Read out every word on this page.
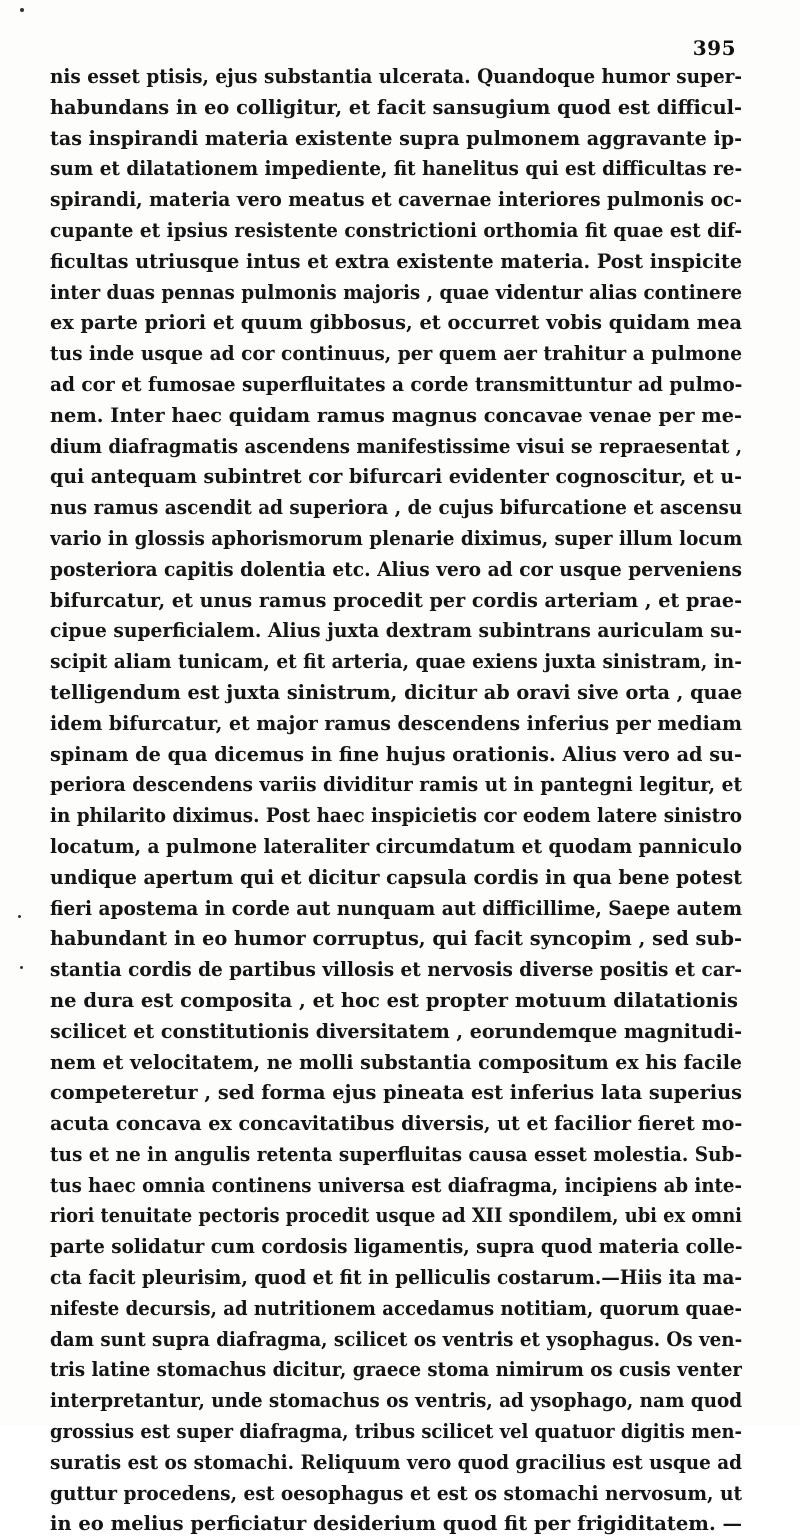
395
nis esset ptisis, ejus substantia ulcerata. Quandoque humor super-
habundans in eo colligitur, et facit sansugium quod est difficul-
tas inspirandi materia existente supra pulmonem aggravante ip-
sum et dilatationem impediente, fit hanelitus qui est difficultas re-
spirandi, materia vero meatus et cavernae interiores pulmonis oc-
cupante et ipsius resistente constrictioni orthomia fit quae est dif-
ficultas utriusque intus et extra existente materia. Post inspicite
inter duas pennas pulmonis majoris , quae videntur alias continere
ex parte priori et quum gibbosus, et occurret vobis quidam mea
tus inde usque ad cor continuus, per quem aer trahitur a pulmone
ad cor et fumosae superfluitates a corde transmittuntur ad pulmo-
nem. Inter haec quidam ramus magnus concavae venae per me-
dium diafragmatis ascendens manifestissime visui se repraesentat ,
qui antequam subintret cor bifurcari evidenter cognoscitur, et u-
nus ramus ascendit ad superiora , de cujus bifurcatione et ascensu
vario in glossis aphorismorum plenarie diximus, super illum locum
posteriora capitis dolentia etc. Alius vero ad cor usque perveniens
bifurcatur, et unus ramus procedit per cordis arteriam , et prae-
cipue superficialem. Alius juxta dextram subintrans auriculam su-
scipit aliam tunicam, et fit arteria, quae exiens juxta sinistram, in-
telligendum est juxta sinistrum, dicitur ab oravi sive orta , quae
idem bifurcatur, et major ramus descendens inferius per mediam
spinam de qua dicemus in fine hujus orationis. Alius vero ad su-
periora descendens variis dividitur ramis ut in pantegni legitur, et
in philarito diximus. Post haec inspicietis cor eodem latere sinistro
locatum, a pulmone lateraliter circumdatum et quodam panniculo
undique apertum qui et dicitur capsula cordis in qua bene potest
fieri apostema in corde aut nunquam aut difficillime, Saepe autem
habundant in eo humor corruptus, qui facit syncopim , sed sub-
stantia cordis de partibus villosis et nervosis diverse positis et car-
ne dura est composita , et hoc est propter motuum dilatationis
scilicet et constitutionis diversitatem , eorundemque magnitudi-
nem et velocitatem, ne molli substantia compositum ex his facile
competeretur , sed forma ejus pineata est inferius lata superius
acuta concava ex concavitatibus diversis, ut et facilior fieret mo-
tus et ne in angulis retenta superfluitas causa esset molestia. Sub-
tus haec omnia continens universa est diafragma, incipiens ab inte-
riori tenuitate pectoris procedit usque ad XII spondilem, ubi ex omni
parte solidatur cum cordosis ligamentis, supra quod materia colle-
cta facit pleurisim, quod et fit in pelliculis costarum.—Hiis ita ma-
nifeste decursis, ad nutritionem accedamus notitiam, quorum quae-
dam sunt supra diafragma, scilicet os ventris et ysophagus. Os ven-
tris latine stomachus dicitur, graece stoma nimirum os cusis venter
interpretantur, unde stomachus os ventris, ad ysophago, nam quod
grossius est super diafragma, tribus scilicet vel quatuor digitis men-
suratis est os stomachi. Reliquum vero quod gracilius est usque ad
guttur procedens, est oesophagus et est os stomachi nervosum, ut
in eo melius perficiatur desiderium quod fit per frigiditatem. —
